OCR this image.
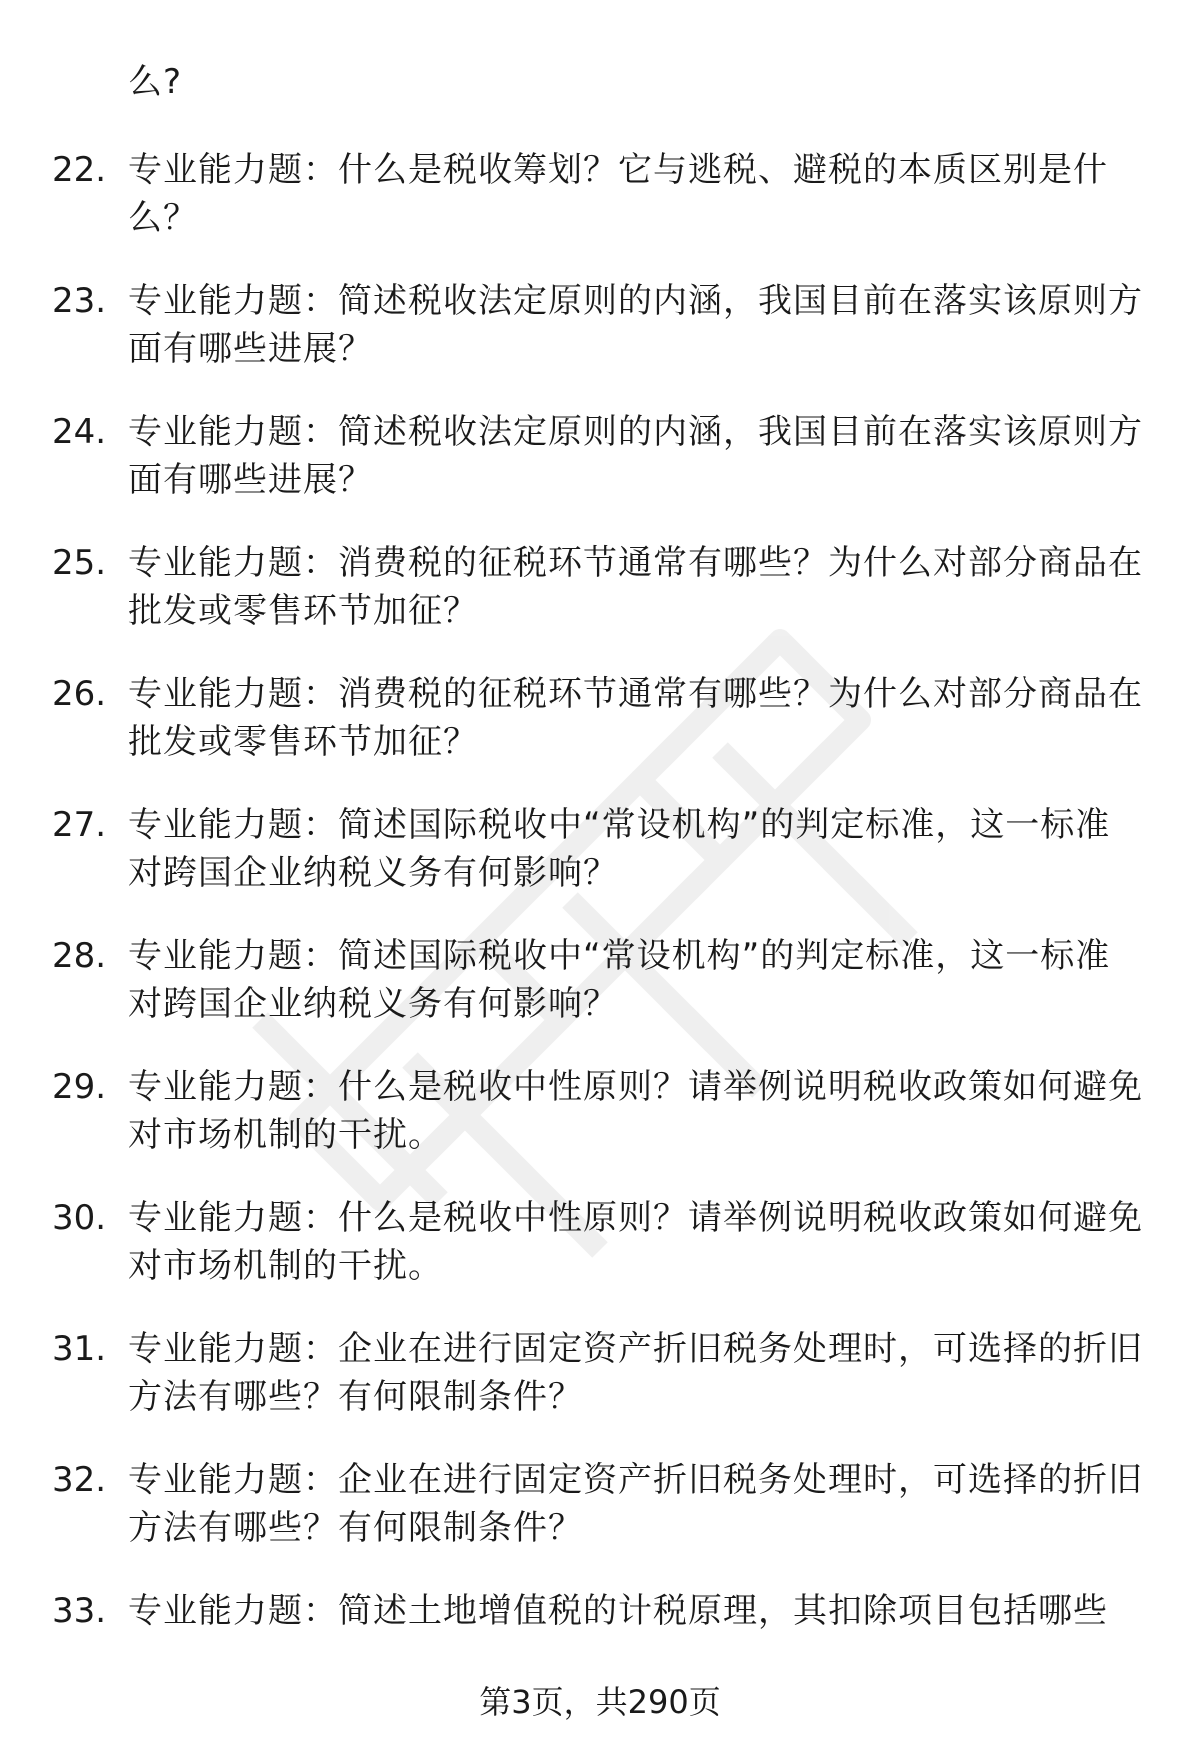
么?
22. 专业能力题：什么是税收筹划？它与逃税、避税的本质区别是什么？
23. 专业能力题：简述税收法定原则的内涵，我国目前在落实该原则方面有哪些进展？
24. 专业能力题：简述税收法定原则的内涵，我国目前在落实该原则方面有哪些进展？
25. 专业能力题：消费税的征税环节通常有哪些？为什么对部分商品在批发或零售环节加征？
26. 专业能力题：消费税的征税环节通常有哪些？为什么对部分商品在批发或零售环节加征？
27. 专业能力题：简述国际税收中“常设机构”的判定标准，这一标准对跨国企业纳税义务有何影响？
28. 专业能力题：简述国际税收中“常设机构”的判定标准，这一标准对跨国企业纳税义务有何影响？
29. 专业能力题：什么是税收中性原则？请举例说明税收政策如何避免对市场机制的干扰。
30. 专业能力题：什么是税收中性原则？请举例说明税收政策如何避免对市场机制的干扰。
31. 专业能力题：企业在进行固定资产折旧税务处理时，可选择的折旧方法有哪些？有何限制条件？
32. 专业能力题：企业在进行固定资产折旧税务处理时，可选择的折旧方法有哪些？有何限制条件？
33. 专业能力题：简述土地增值税的计税原理，其扣除项目包括哪些
第3页，共290页
